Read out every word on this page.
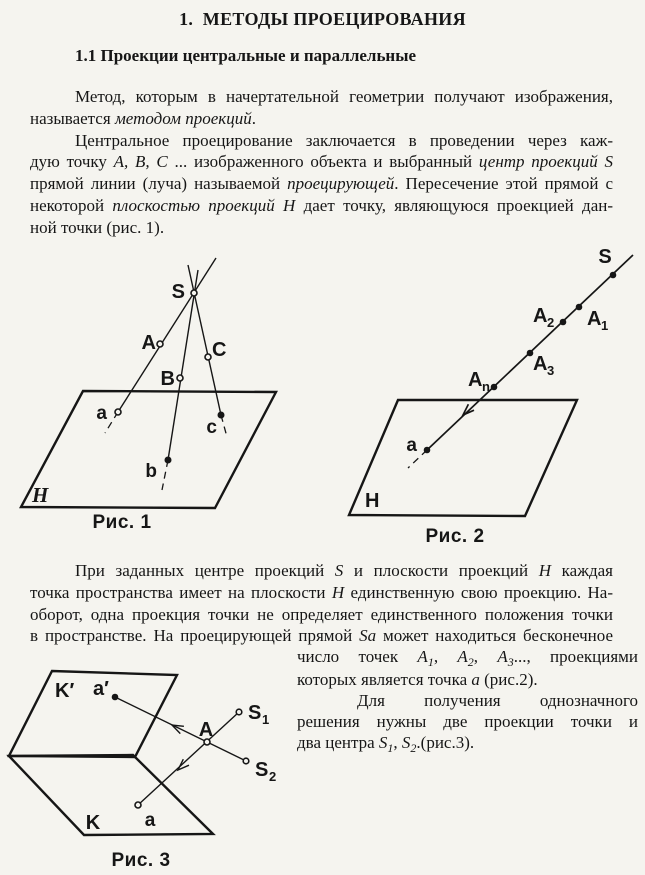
1.  МЕТОДЫ ПРОЕЦИРОВАНИЯ
1.1 Проекции центральные и параллельные
Метод, которым в начертательной геометрии получают изображения,
называется методом проекций.
Центральное проецирование заключается в проведении через каж-
дую точку А, В, С ... изображенного объекта и выбранный центр проекций S
прямой линии (луча) называемой проецирующей. Пересечение этой прямой с
некоторой плоскостью проекций Н дает точку, являющуюся проекцией дан-
ной точки (рис. 1).
S
A
B
C
a
b
c
H
Рис. 1
S
A 1
A 2
A 3
A n
a
H
Рис. 2
При заданных центре проекций S и плоскости проекций Н каждая
точка пространства имеет на плоскости Н единственную свою проекцию. На-
оборот, одна проекция точки не определяет единственного положения точки
в пространстве. На проецирующей прямой Sa может находиться бесконечное
число точек $A_1$, $A_2$, $A_3$..., проекциями
которых является точка а (рис.2).
Для получения однозначного
решения нужны две проекции точки и
два центра $S_1$, $S_2.(рис.3)$.
K′ a′
A
S 1
S 2
K a
Рис. 3
